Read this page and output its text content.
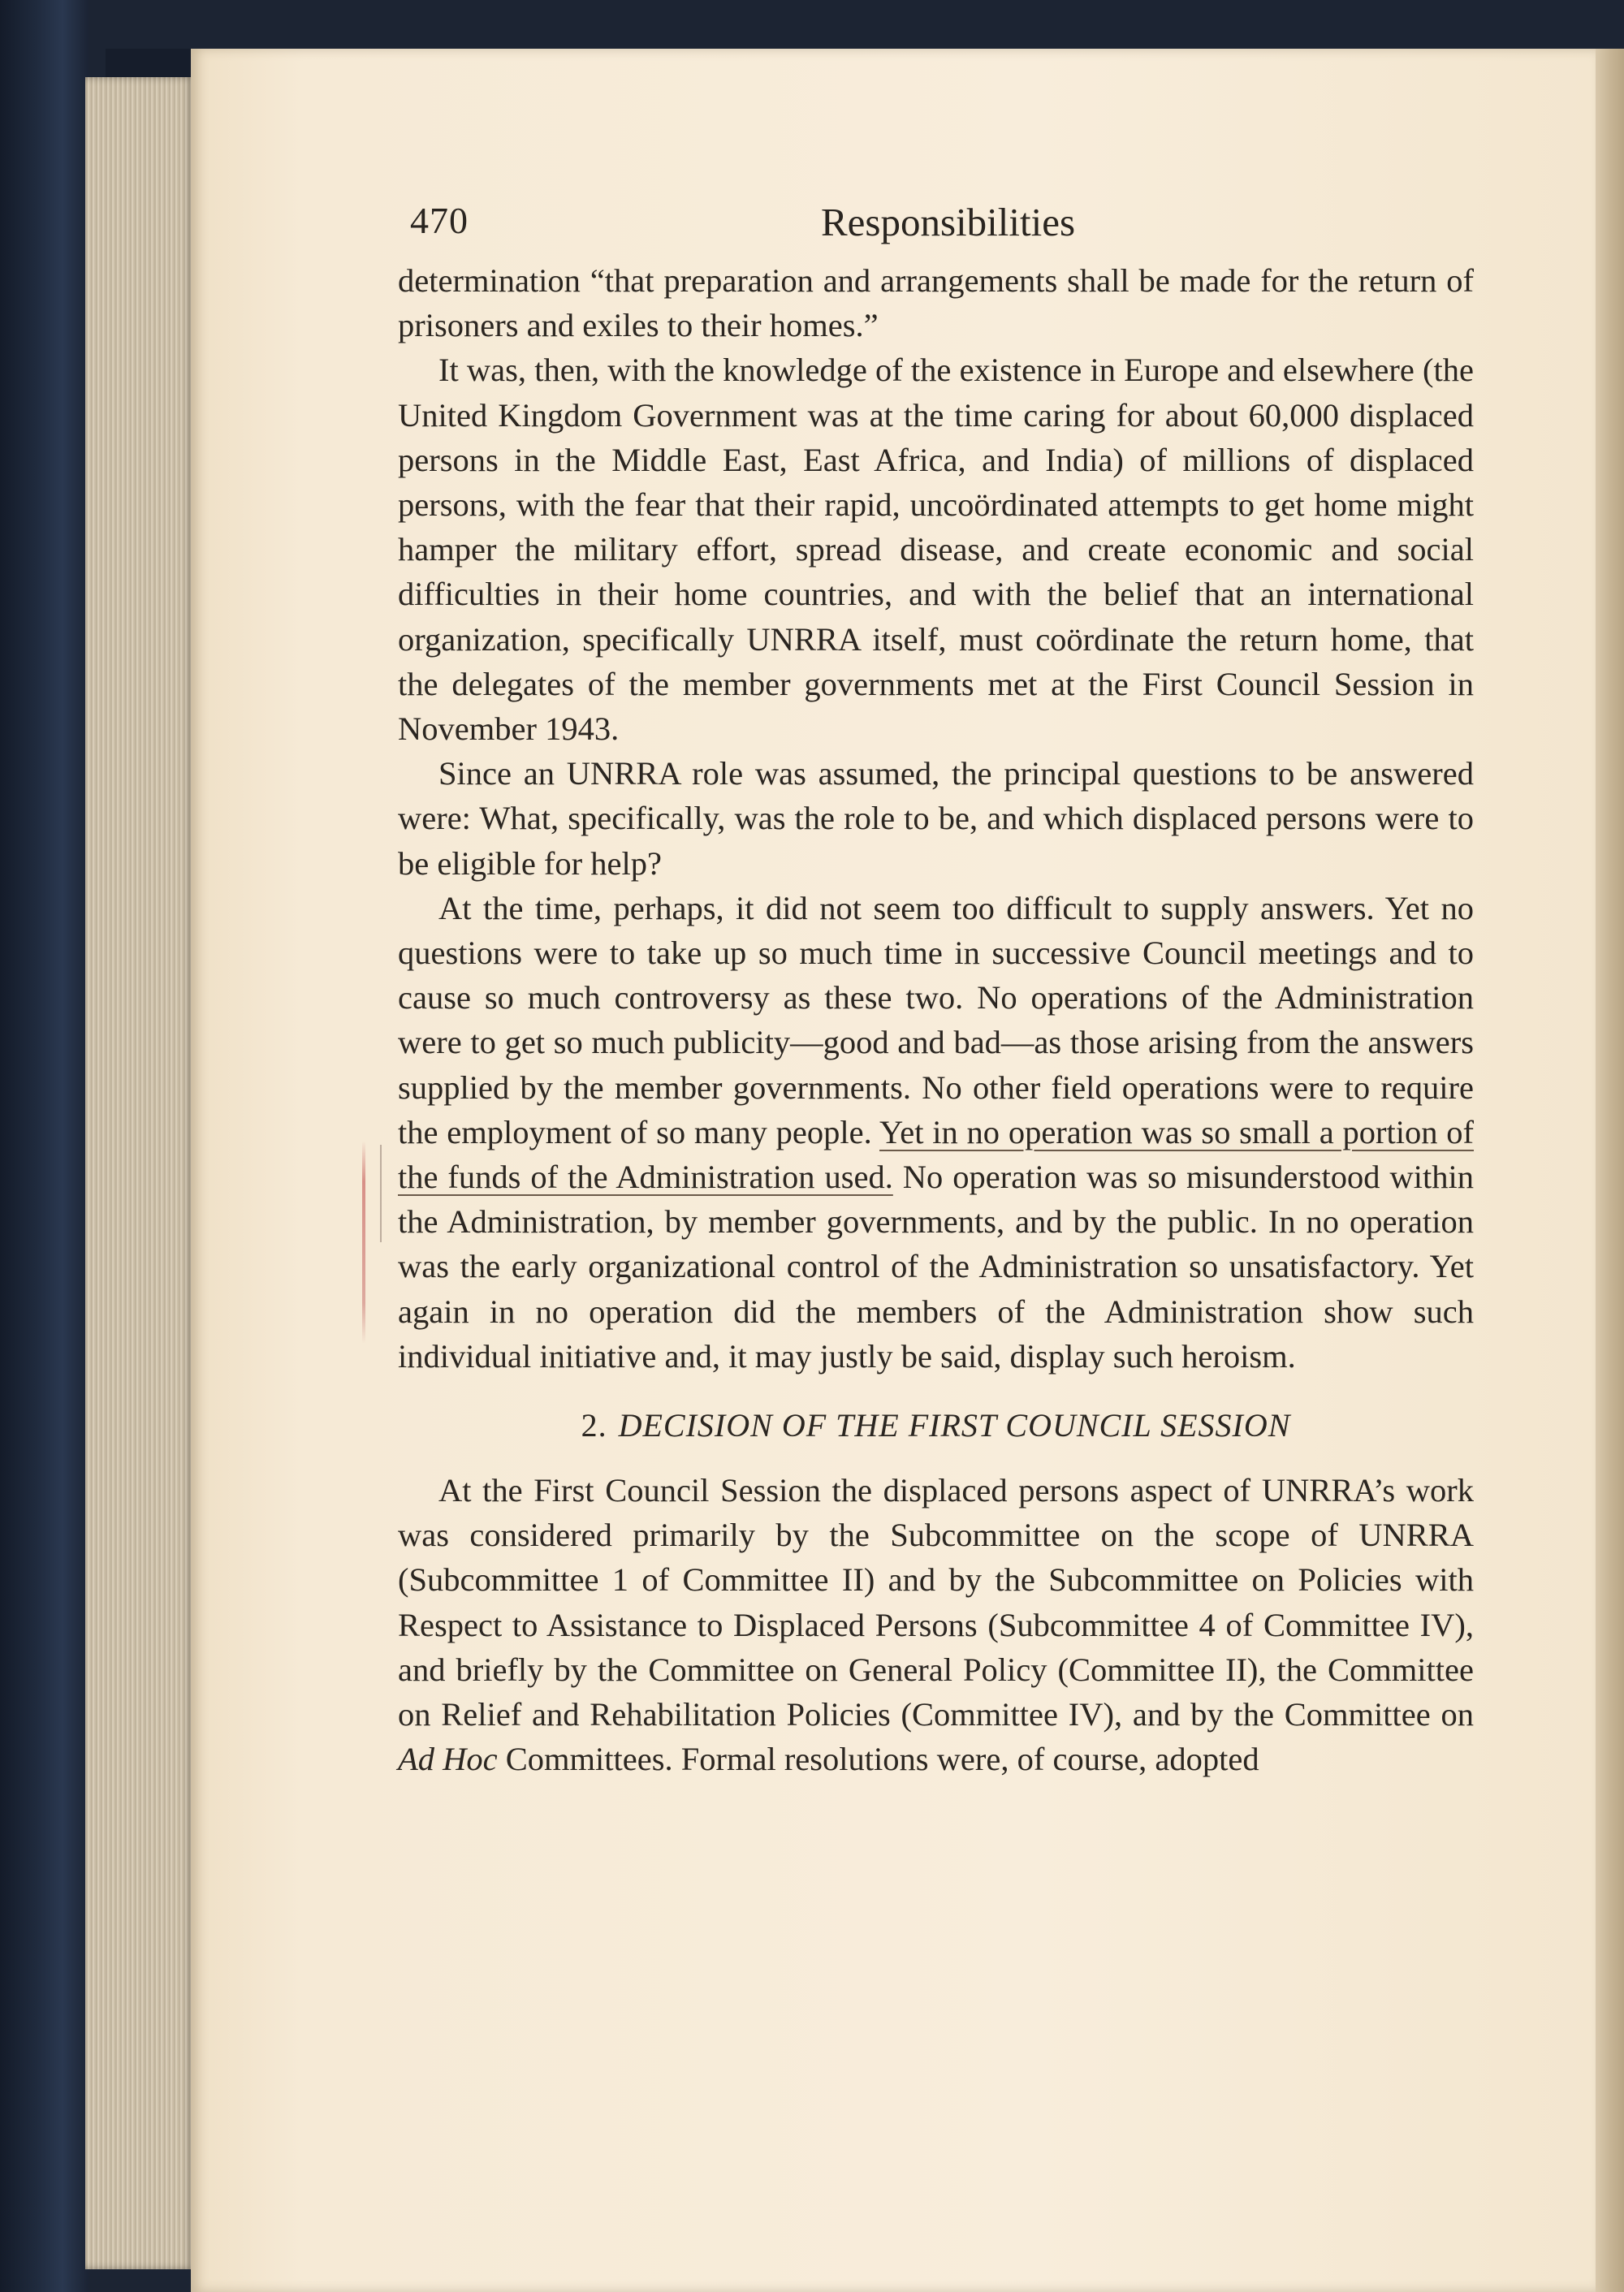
470	Responsibilities

determination “that preparation and arrangements shall be made for the return of prisoners and exiles to their homes.”

It was, then, with the knowledge of the existence in Europe and elsewhere (the United Kingdom Government was at the time caring for about 60,000 displaced persons in the Middle East, East Africa, and India) of millions of displaced persons, with the fear that their rapid, uncoördinated attempts to get home might hamper the military effort, spread disease, and create economic and social difficulties in their home countries, and with the belief that an international organization, specifically UNRRA itself, must coördinate the return home, that the delegates of the member governments met at the First Council Session in November 1943.

Since an UNRRA role was assumed, the principal questions to be answered were: What, specifically, was the role to be, and which displaced persons were to be eligible for help?

At the time, perhaps, it did not seem too difficult to supply answers. Yet no questions were to take up so much time in successive Council meetings and to cause so much controversy as these two. No operations of the Administration were to get so much publicity—good and bad—as those arising from the answers supplied by the member governments. No other field operations were to require the employment of so many people. Yet in no operation was so small a portion of the funds of the Administration used. No operation was so misunderstood within the Administration, by member governments, and by the public. In no operation was the early organizational control of the Administration so unsatisfactory. Yet again in no operation did the members of the Administration show such individual initiative and, it may justly be said, display such heroism.

2. DECISION OF THE FIRST COUNCIL SESSION

At the First Council Session the displaced persons aspect of UNRRA’s work was considered primarily by the Subcommittee on the scope of UNRRA (Subcommittee 1 of Committee II) and by the Subcommittee on Policies with Respect to Assistance to Displaced Persons (Subcommittee 4 of Committee IV), and briefly by the Committee on General Policy (Committee II), the Committee on Relief and Rehabilitation Policies (Committee IV), and by the Committee on Ad Hoc Committees. Formal resolutions were, of course, adopted
